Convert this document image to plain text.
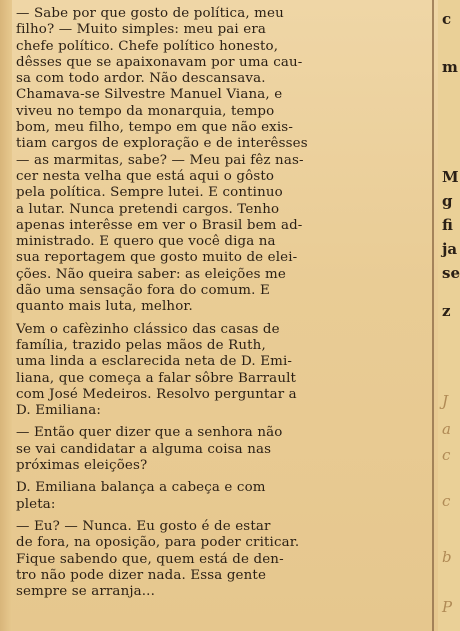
— Sabe por que gosto de política, meu
filho? — Muito simples: meu pai era
chefe político. Chefe político honesto,
dêsses que se apaixonavam por uma cau-
sa com todo ardor. Não descansava.
Chamava-se Silvestre Manuel Viana, e
viveu no tempo da monarquia, tempo
bom, meu filho, tempo em que não exis-
tiam cargos de exploração e de interêsses
— as marmitas, sabe? — Meu pai fêz nas-
cer nesta velha que está aqui o gôsto
pela política. Sempre lutei. E continuo
a lutar. Nunca pretendi cargos. Tenho
apenas interêsse em ver o Brasil bem ad-
ministrado. E quero que você diga na
sua reportagem que gosto muito de elei-
ções. Não queira saber: as eleições me
dão uma sensação fora do comum. E
quanto mais luta, melhor.
Vem o cafèzinho clássico das casas de
família, trazido pelas mãos de Ruth,
uma linda a esclarecida neta de D. Emi-
liana, que começa a falar sôbre Barrault
com José Medeiros. Resolvo perguntar a
D. Emiliana:
— Então quer dizer que a senhora não
se vai candidatar a alguma coisa nas
próximas eleições?
D. Emiliana balança a cabeça e com
pleta:
— Eu? — Nunca. Eu gosto é de estar
de fora, na oposição, para poder criticar.
Fique sabendo que, quem está de den-
tro não pode dizer nada. Essa gente
sempre se arranja...
c
m
M
g
fi
ja
se
z
J
a
c
c
b
P
